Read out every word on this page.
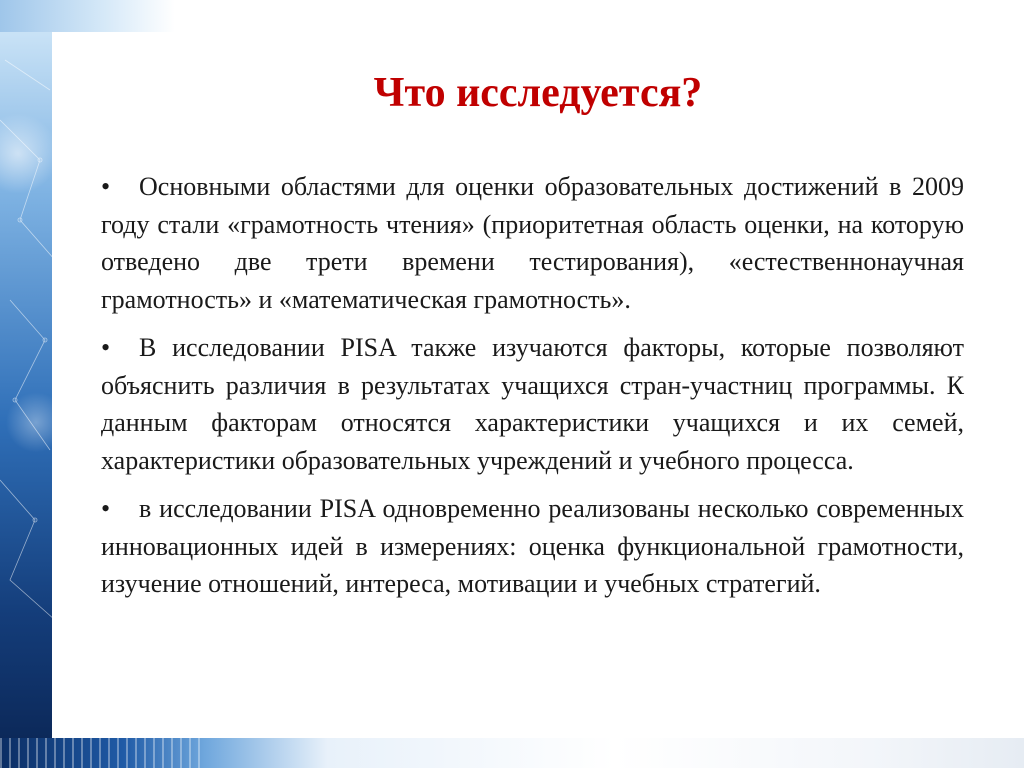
Что исследуется?
• Основными областями для оценки образовательных достижений в 2009 году стали «грамотность чтения» (приоритетная область оценки, на которую отведено две трети времени тестирования), «естественнонаучная грамотность» и «математическая грамотность».
• В исследовании PISA также изучаются факторы, которые позволяют объяснить различия в результатах учащихся стран-участниц программы. К данным факторам относятся характеристики учащихся и их семей, характеристики образовательных учреждений и учебного процесса.
• в исследовании PISA одновременно реализованы несколько современных инновационных идей в измерениях: оценка функциональной грамотности, изучение отношений, интереса, мотивации и учебных стратегий.
